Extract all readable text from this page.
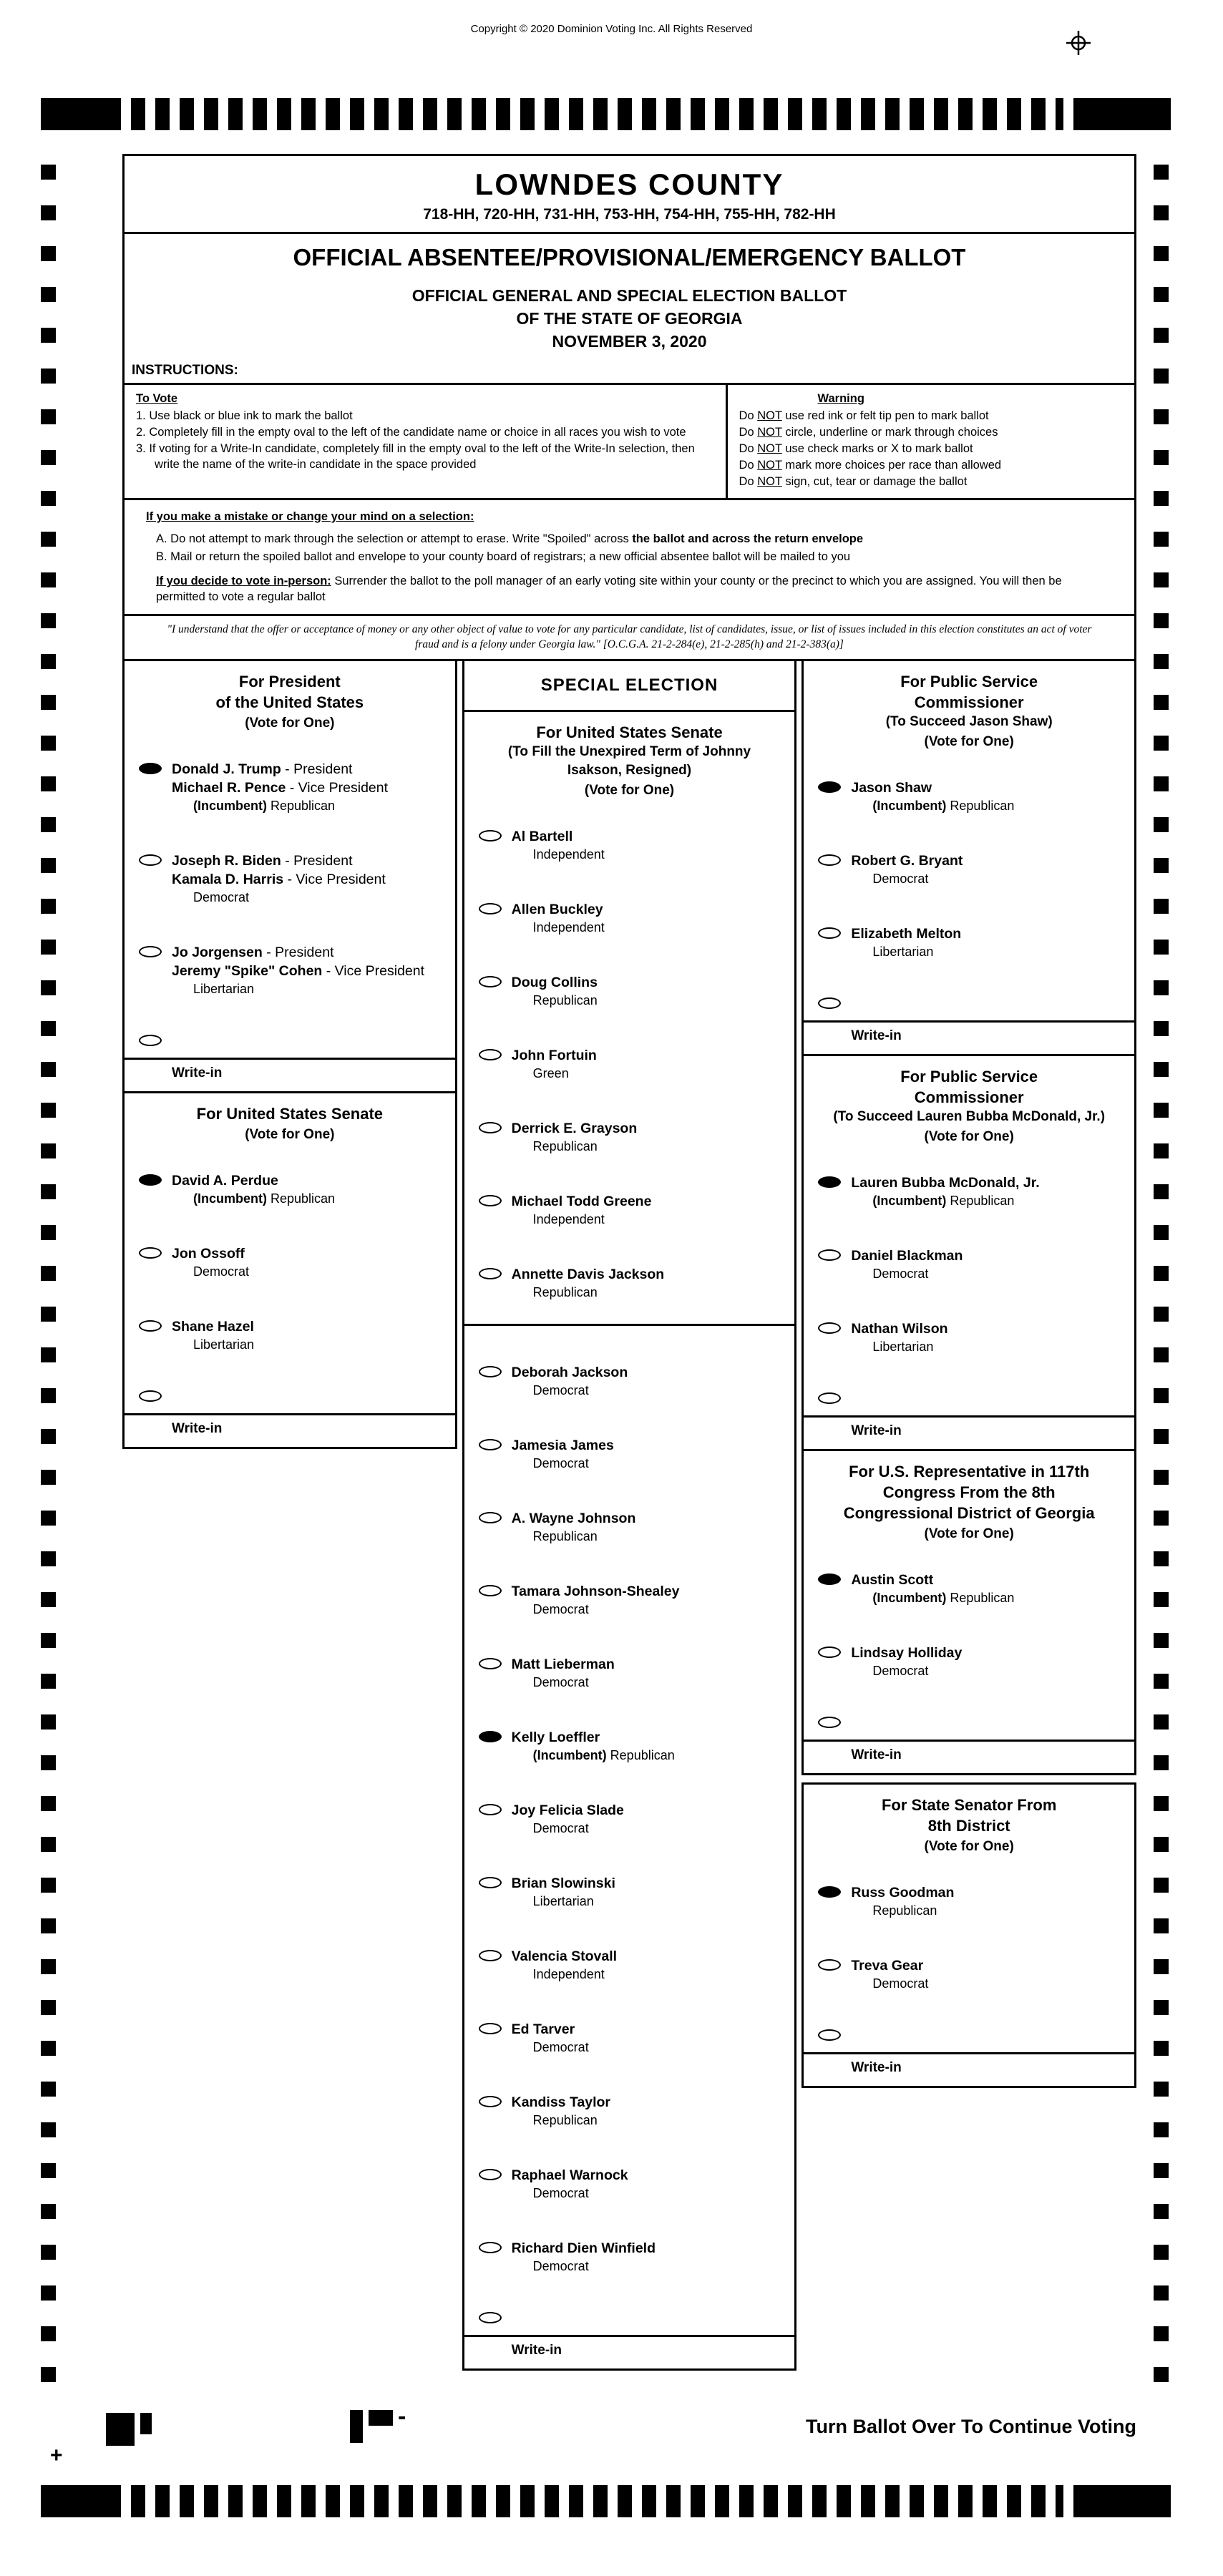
Copyright © 2020 Dominion Voting Inc. All Rights Reserved
LOWNDES COUNTY
718-HH, 720-HH, 731-HH, 753-HH, 754-HH, 755-HH, 782-HH
OFFICIAL ABSENTEE/PROVISIONAL/EMERGENCY BALLOT
OFFICIAL GENERAL AND SPECIAL ELECTION BALLOT
OF THE STATE OF GEORGIA
NOVEMBER 3, 2020
INSTRUCTIONS:
To Vote
1. Use black or blue ink to mark the ballot
2. Completely fill in the empty oval to the left of the candidate name or choice in all races you wish to vote
3. If voting for a Write-In candidate, completely fill in the empty oval to the left of the Write-In selection, then write the name of the write-in candidate in the space provided
Warning
Do NOT use red ink or felt tip pen to mark ballot
Do NOT circle, underline or mark through choices
Do NOT use check marks or X to mark ballot
Do NOT mark more choices per race than allowed
Do NOT sign, cut, tear or damage the ballot
If you make a mistake or change your mind on a selection:
A. Do not attempt to mark through the selection or attempt to erase. Write "Spoiled" across the ballot and across the return envelope
B. Mail or return the spoiled ballot and envelope to your county board of registrars; a new official absentee ballot will be mailed to you
If you decide to vote in-person: Surrender the ballot to the poll manager of an early voting site within your county or the precinct to which you are assigned. You will then be permitted to vote a regular ballot
"I understand that the offer or acceptance of money or any other object of value to vote for any particular candidate, list of candidates, issue, or list of issues included in this election constitutes an act of voter fraud and is a felony under Georgia law." [O.C.G.A. 21-2-284(e), 21-2-285(h) and 21-2-383(a)]
For President
of the United States
(Vote for One)
Donald J. Trump - President
Michael R. Pence - Vice President
(Incumbent) Republican
Joseph R. Biden - President
Kamala D. Harris - Vice President
Democrat
Jo Jorgensen - President
Jeremy "Spike" Cohen - Vice President
Libertarian
Write-in
For United States Senate
(Vote for One)
David A. Perdue
(Incumbent) Republican
Jon Ossoff
Democrat
Shane Hazel
Libertarian
Write-in
SPECIAL ELECTION
For United States Senate
(To Fill the Unexpired Term of Johnny
Isakson, Resigned)
(Vote for One)
Al Bartell
Independent
Allen Buckley
Independent
Doug Collins
Republican
John Fortuin
Green
Derrick E. Grayson
Republican
Michael Todd Greene
Independent
Annette Davis Jackson
Republican
Deborah Jackson
Democrat
Jamesia James
Democrat
A. Wayne Johnson
Republican
Tamara Johnson-Shealey
Democrat
Matt Lieberman
Democrat
Kelly Loeffler
(Incumbent) Republican
Joy Felicia Slade
Democrat
Brian Slowinski
Libertarian
Valencia Stovall
Independent
Ed Tarver
Democrat
Kandiss Taylor
Republican
Raphael Warnock
Democrat
Richard Dien Winfield
Democrat
Write-in
For Public Service
Commissioner
(To Succeed Jason Shaw)
(Vote for One)
Jason Shaw
(Incumbent) Republican
Robert G. Bryant
Democrat
Elizabeth Melton
Libertarian
Write-in
For Public Service
Commissioner
(To Succeed Lauren Bubba McDonald, Jr.)
(Vote for One)
Lauren Bubba McDonald, Jr.
(Incumbent) Republican
Daniel Blackman
Democrat
Nathan Wilson
Libertarian
Write-in
For U.S. Representative in 117th
Congress From the 8th
Congressional District of Georgia
(Vote for One)
Austin Scott
(Incumbent) Republican
Lindsay Holliday
Democrat
Write-in
For State Senator From
8th District
(Vote for One)
Russ Goodman
Republican
Treva Gear
Democrat
Write-in
+
-	Turn Ballot Over To Continue Voting
